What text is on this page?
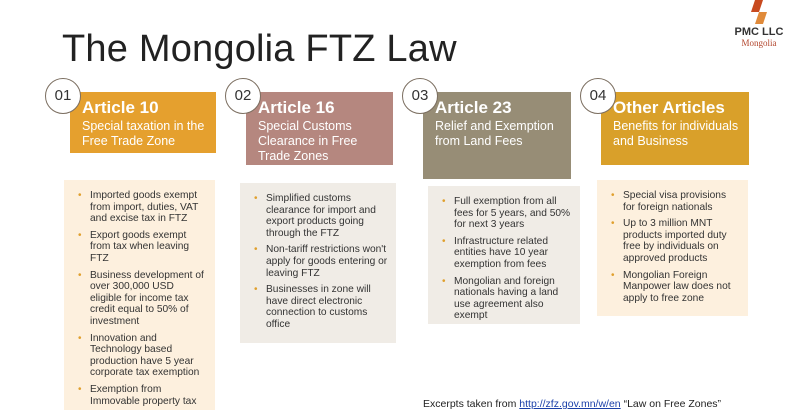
The Mongolia FTZ Law	PMC LLC
Mongolia
01
Article 10
Special taxation in the Free Trade Zone
• Imported goods exempt from import, duties, VAT and excise tax in FTZ
• Export goods exempt from tax when leaving FTZ
• Business development of over 300,000 USD eligible for income tax credit equal to 50% of investment
• Innovation and Technology based production have 5 year corporate tax exemption
• Exemption from Immovable property tax
02
Article 16
Special Customs Clearance in Free Trade Zones
• Simplified customs clearance for import and export products going through the FTZ
• Non-tariff restrictions won't apply for goods entering or leaving FTZ
• Businesses in zone will have direct electronic connection to customs office
03
Article 23
Relief and Exemption from Land Fees
• Full exemption from all fees for 5 years, and 50% for next 3 years
• Infrastructure related entities have 10 year exemption from fees
• Mongolian and foreign nationals having a land use agreement also exempt
04
Other Articles
Benefits for individuals and Business
• Special visa provisions for foreign nationals
• Up to 3 million MNT products imported duty free by individuals on approved products
• Mongolian Foreign Manpower law does not apply to free zone
Excerpts taken from http://zfz.gov.mn/w/en “Law on Free Zones”
